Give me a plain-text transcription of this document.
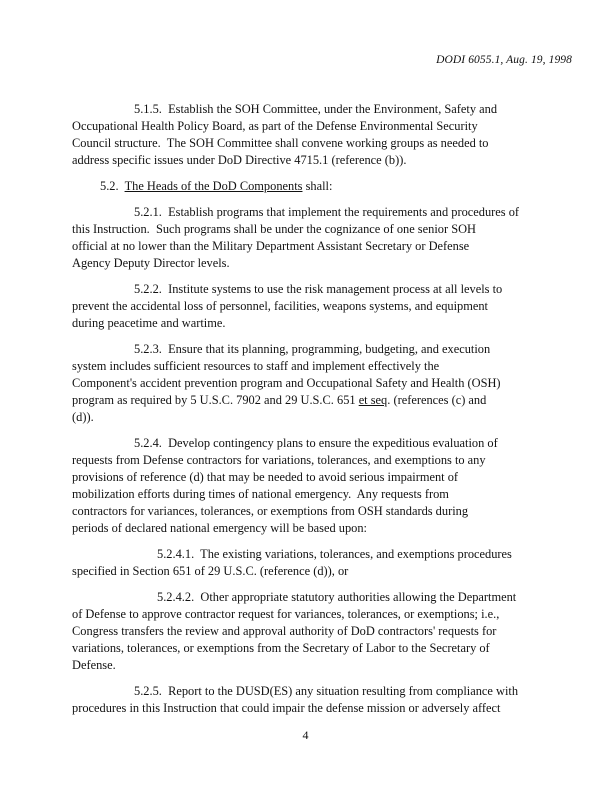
DODI 6055.1, Aug. 19, 1998
5.1.5.  Establish the SOH Committee, under the Environment, Safety and
Occupational Health Policy Board, as part of the Defense Environmental Security
Council structure.  The SOH Committee shall convene working groups as needed to
address specific issues under DoD Directive 4715.1 (reference (b)).
5.2.  The Heads of the DoD Components shall:
5.2.1.  Establish programs that implement the requirements and procedures of
this Instruction.  Such programs shall be under the cognizance of one senior SOH
official at no lower than the Military Department Assistant Secretary or Defense
Agency Deputy Director levels.
5.2.2.  Institute systems to use the risk management process at all levels to
prevent the accidental loss of personnel, facilities, weapons systems, and equipment
during peacetime and wartime.
5.2.3.  Ensure that its planning, programming, budgeting, and execution
system includes sufficient resources to staff and implement effectively the
Component's accident prevention program and Occupational Safety and Health (OSH)
program as required by 5 U.S.C. 7902 and 29 U.S.C. 651 et seq. (references (c) and
(d)).
5.2.4.  Develop contingency plans to ensure the expeditious evaluation of
requests from Defense contractors for variations, tolerances, and exemptions to any
provisions of reference (d) that may be needed to avoid serious impairment of
mobilization efforts during times of national emergency.  Any requests from
contractors for variances, tolerances, or exemptions from OSH standards during
periods of declared national emergency will be based upon:
5.2.4.1.  The existing variations, tolerances, and exemptions procedures
specified in Section 651 of 29 U.S.C. (reference (d)), or
5.2.4.2.  Other appropriate statutory authorities allowing the Department
of Defense to approve contractor request for variances, tolerances, or exemptions; i.e.,
Congress transfers the review and approval authority of DoD contractors' requests for
variations, tolerances, or exemptions from the Secretary of Labor to the Secretary of
Defense.
5.2.5.  Report to the DUSD(ES) any situation resulting from compliance with
procedures in this Instruction that could impair the defense mission or adversely affect
4
